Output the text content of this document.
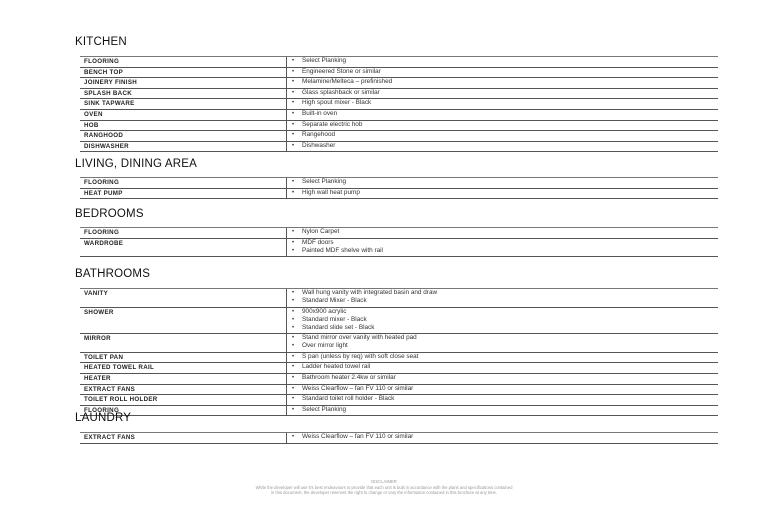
KITCHEN
FLOORING	• Select Planking
BENCH TOP	• Engineered Stone or similar
JOINERY FINISH	• Melamine/Melteca – prefinished
SPLASH BACK	• Glass splashback or similar
SINK TAPWARE	• High spout mixer - Black
OVEN	• Built-in oven
HOB	• Separate electric hob
RANGHOOD	• Rangehood
DISHWASHER	• Dishwasher
LIVING, DINING AREA
FLOORING	• Select Planking
HEAT PUMP	• High wall heat pump
BEDROOMS
FLOORING	• Nylon Carpet
WARDROBE	• MDF doors
• Painted MDF shelve with rail
BATHROOMS
VANITY	• Wall hung vanity with integrated basin and draw
• Standard Mixer - Black
SHOWER	• 900x900 acrylic
• Standard mixer - Black
• Standard slide set - Black
MIRROR	• Stand mirror over vanity with heated pad
• Over mirror light
TOILET PAN	• S pan (unless by req) with soft close seat
HEATED TOWEL RAIL	• Ladder heated towel rail
HEATER	• Bathroom heater 2.4kw or similar
EXTRACT FANS	• Weiss Clearflow – fan FV 110 or similar
TOILET ROLL HOLDER	• Standard toilet roll holder - Black
FLOORING	• Select Planking
LAUNDRY
EXTRACT FANS	• Weiss Clearflow – fan FV 110 or similar
DISCLAIMER
While the developer will use it's best endeavours to provide that each unit is built in accordance with the plans and specifications contained
in this document, the developer reserves the right to change or vary the information contained in this brochure at any time.
